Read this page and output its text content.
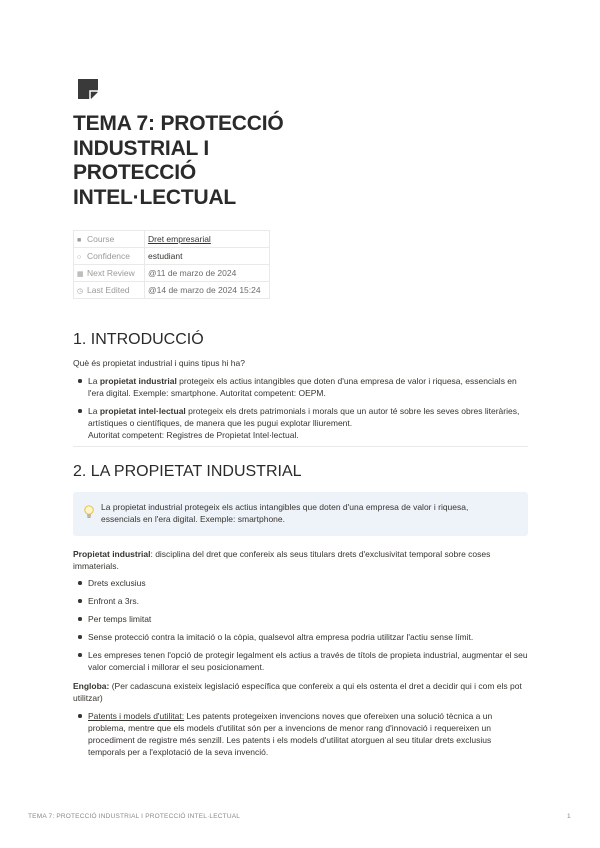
TEMA 7: PROTECCIÓ INDUSTRIAL I PROTECCIÓ INTEL·LECTUAL
■ Course	Dret empresarial
○ Confidence	estudiant
▦ Next Review	@11 de marzo de 2024
◷ Last Edited	@14 de marzo de 2024 15:24
1. INTRODUCCIÓ

Què és propietat industrial i quins tipus hi ha?

La propietat industrial protegeix els actius intangibles que doten d'una empresa de valor i riquesa, essencials en l'era digital. Exemple: smartphone. Autoritat competent: OEPM.

La propietat intel·lectual protegeix els drets patrimonials i morals que un autor té sobre les seves obres literàries, artístiques o científiques, de manera que les pugui explotar lliurement.
Autoritat competent: Registres de Propietat Intel·lectual.

2. LA PROPIETAT INDUSTRIAL

La propietat industrial protegeix els actius intangibles que doten d'una empresa de valor i riquesa, essencials en l'era digital. Exemple: smartphone.

Propietat industrial: disciplina del dret que confereix als seus titulars drets d'exclusivitat temporal sobre coses immaterials.

Drets exclusius

Enfront a 3rs.

Per temps limitat

Sense protecció contra la imitació o la còpia, qualsevol altra empresa podria utilitzar l'actiu sense límit.

Les empreses tenen l'opció de protegir legalment els actius a través de títols de propieta industrial, augmentar el seu valor comercial i millorar el seu posicionament.

Engloba: (Per cadascuna existeix legislació específica que confereix a qui els ostenta el dret a decidir qui i com els pot utilitzar)

Patents i models d'utilitat: Les patents protegeixen invencions noves que ofereixen una solució tècnica a un problema, mentre que els models d'utilitat són per a invencions de menor rang d'innovació i requereixen un procediment de registre més senzill. Les patents i els models d'utilitat atorguen al seu titular drets exclusius temporals per a l'explotació de la seva invenció.

TEMA 7: PROTECCIÓ INDUSTRIAL I PROTECCIÓ INTEL·LECTUAL	1
